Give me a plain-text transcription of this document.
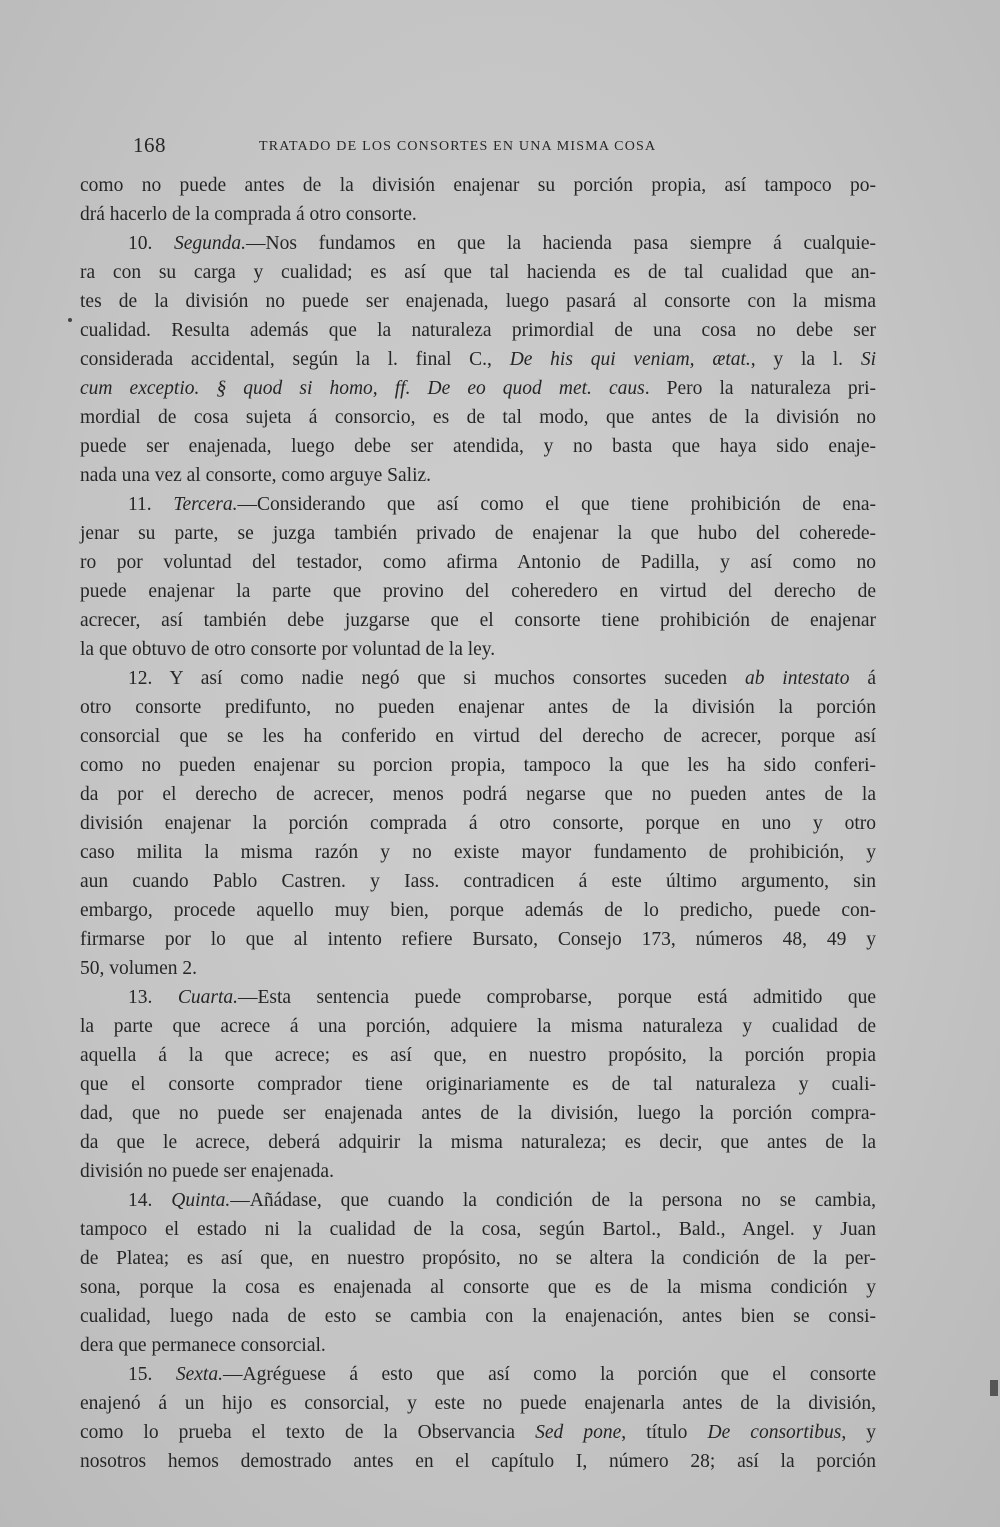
168	TRATADO DE LOS CONSORTES EN UNA MISMA COSA
como no puede antes de la división enajenar su porción propia, así tampoco po-
drá hacerlo de la comprada á otro consorte.
10. Segunda.—Nos fundamos en que la hacienda pasa siempre á cualquie-
ra con su carga y cualidad; es así que tal hacienda es de tal cualidad que an-
tes de la división no puede ser enajenada, luego pasará al consorte con la misma
cualidad. Resulta además que la naturaleza primordial de una cosa no debe ser
considerada accidental, según la l. final C., De his qui veniam, ætat., y la l. Si
cum exceptio. § quod si homo, ff. De eo quod met. caus. Pero la naturaleza pri-
mordial de cosa sujeta á consorcio, es de tal modo, que antes de la división no
puede ser enajenada, luego debe ser atendida, y no basta que haya sido enaje-
nada una vez al consorte, como arguye Saliz.
11. Tercera.—Considerando que así como el que tiene prohibición de ena-
jenar su parte, se juzga también privado de enajenar la que hubo del coherede-
ro por voluntad del testador, como afirma Antonio de Padilla, y así como no
puede enajenar la parte que provino del coheredero en virtud del derecho de
acrecer, así también debe juzgarse que el consorte tiene prohibición de enajenar
la que obtuvo de otro consorte por voluntad de la ley.
12. Y así como nadie negó que si muchos consortes suceden ab intestato á
otro consorte predifunto, no pueden enajenar antes de la división la porción
consorcial que se les ha conferido en virtud del derecho de acrecer, porque así
como no pueden enajenar su porcion propia, tampoco la que les ha sido conferi-
da por el derecho de acrecer, menos podrá negarse que no pueden antes de la
división enajenar la porción comprada á otro consorte, porque en uno y otro
caso milita la misma razón y no existe mayor fundamento de prohibición, y
aun cuando Pablo Castren. y Iass. contradicen á este último argumento, sin
embargo, procede aquello muy bien, porque además de lo predicho, puede con-
firmarse por lo que al intento refiere Bursato, Consejo 173, números 48, 49 y
50, volumen 2.
13. Cuarta.—Esta sentencia puede comprobarse, porque está admitido que
la parte que acrece á una porción, adquiere la misma naturaleza y cualidad de
aquella á la que acrece; es así que, en nuestro propósito, la porción propia
que el consorte comprador tiene originariamente es de tal naturaleza y cuali-
dad, que no puede ser enajenada antes de la división, luego la porción compra-
da que le acrece, deberá adquirir la misma naturaleza; es decir, que antes de la
división no puede ser enajenada.
14. Quinta.—Añádase, que cuando la condición de la persona no se cambia,
tampoco el estado ni la cualidad de la cosa, según Bartol., Bald., Angel. y Juan
de Platea; es así que, en nuestro propósito, no se altera la condición de la per-
sona, porque la cosa es enajenada al consorte que es de la misma condición y
cualidad, luego nada de esto se cambia con la enajenación, antes bien se consi-
dera que permanece consorcial.
15. Sexta.—Agréguese á esto que así como la porción que el consorte
enajenó á un hijo es consorcial, y este no puede enajenarla antes de la división,
como lo prueba el texto de la Observancia Sed pone, título De consortibus, y
nosotros hemos demostrado antes en el capítulo I, número 28; así la porción
